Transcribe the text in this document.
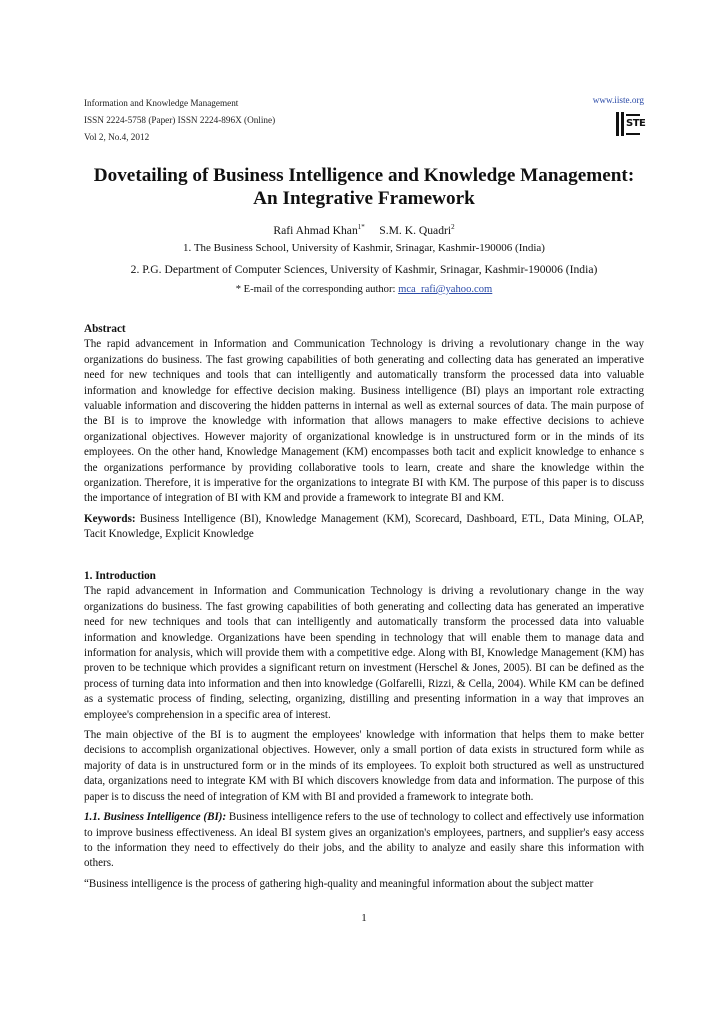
Information and Knowledge Management
ISSN 2224-5758 (Paper) ISSN 2224-896X (Online)
Vol 2, No.4, 2012
www.iiste.org
STE
Dovetailing of Business Intelligence and Knowledge Management:
An Integrative Framework
Rafi Ahmad Khan$^{1*}$ S.M. K. Quadri$^2$
1. The Business School, University of Kashmir, Srinagar, Kashmir-190006 (India)
2. P.G. Department of Computer Sciences, University of Kashmir, Srinagar, Kashmir-190006 (India)
* E-mail of the corresponding author: mca_rafi@yahoo.com

Abstract

The rapid advancement in Information and Communication Technology is driving a revolutionary change in the way organizations do business. The fast growing capabilities of both generating and collecting data has generated an imperative need for new techniques and tools that can intelligently and automatically transform the processed data into valuable information and knowledge for effective decision making. Business intelligence (BI) plays an important role extracting valuable information and discovering the hidden patterns in internal as well as external sources of data. The main purpose of the BI is to improve the knowledge with information that allows managers to make effective decisions to achieve organizational objectives. However majority of organizational knowledge is in unstructured form or in the minds of its employees. On the other hand, Knowledge Management (KM) encompasses both tacit and explicit knowledge to enhance s the organizations performance by providing collaborative tools to learn, create and share the knowledge within the organization. Therefore, it is imperative for the organizations to integrate BI with KM. The purpose of this paper is to discuss the importance of integration of BI with KM and provide a framework to integrate BI and KM.

Keywords: Business Intelligence (BI), Knowledge Management (KM), Scorecard, Dashboard, ETL, Data Mining, OLAP, Tacit Knowledge, Explicit Knowledge

1. Introduction

The rapid advancement in Information and Communication Technology is driving a revolutionary change in the way organizations do business. The fast growing capabilities of both generating and collecting data has generated an imperative need for new techniques and tools that can intelligently and automatically transform the processed data into valuable information and knowledge. Organizations have been spending in technology that will enable them to manage data and information for analysis, which will provide them with a competitive edge. Along with BI, Knowledge Management (KM) has proven to be technique which provides a significant return on investment (Herschel & Jones, 2005). BI can be defined as the process of turning data into information and then into knowledge (Golfarelli, Rizzi, & Cella, 2004). While KM can be defined as a systematic process of finding, selecting, organizing, distilling and presenting information in a way that improves an employee's comprehension in a specific area of interest.

The main objective of the BI is to augment the employees' knowledge with information that helps them to make better decisions to accomplish organizational objectives. However, only a small portion of data exists in structured form while as majority of data is in unstructured form or in the minds of its employees. To exploit both structured as well as unstructured data, organizations need to integrate KM with BI which discovers knowledge from data and information. The purpose of this paper is to discuss the need of integration of KM with BI and provided a framework to integrate both.

1.1. Business Intelligence (BI): Business intelligence refers to the use of technology to collect and effectively use information to improve business effectiveness. An ideal BI system gives an organization's employees, partners, and supplier's easy access to the information they need to effectively do their jobs, and the ability to analyze and easily share this information with others.

“Business intelligence is the process of gathering high-quality and meaningful information about the subject matter

1
